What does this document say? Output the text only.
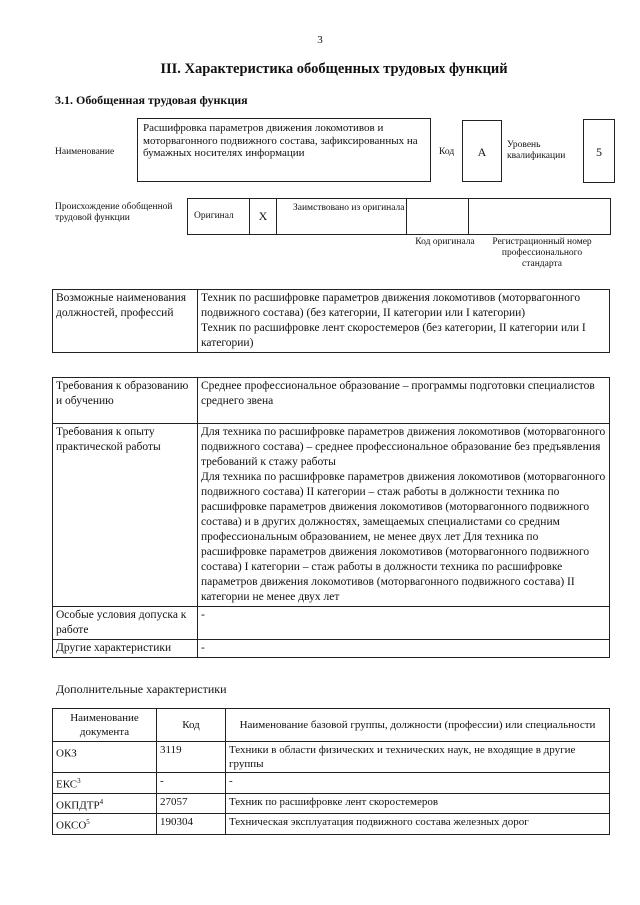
3
III. Характеристика обобщенных трудовых функций
3.1. Обобщенная трудовая функция
Наименование
Расшифровка параметров движения локомотивов и моторвагонного подвижного состава, зафиксированных на бумажных носителях информации	Код	А	Уровень квалификации	5
Происхождение обобщенной трудовой функции	Оригинал	X
Заимствовано из оригинала
Код оригинала	Регистрационный номер профессионального стандарта
Возможные наименования должностей, профессий	Техник по расшифровке параметров движения локомотивов (моторвагонного подвижного состава) (без категории, II категории или I категории)
Техник по расшифровке лент скоростемеров (без категории, II категории или I категории)
Требования к образованию и обучению	Среднее профессиональное образование – программы подготовки специалистов среднего звена
Требования к опыту практической работы	Для техника по расшифровке параметров движения локомотивов (моторвагонного подвижного состава) – среднее профессиональное образование без предъявления требований к стажу работы
Для техника по расшифровке параметров движения локомотивов (моторвагонного подвижного состава) II категории – стаж работы в должности техника по расшифровке параметров движения локомотивов (моторвагонного подвижного состава) и в других должностях, замещаемых специалистами со средним профессиональным образованием, не менее двух лет Для техника по расшифровке параметров движения локомотивов (моторвагонного подвижного состава) I категории – стаж работы в должности техника по расшифровке параметров движения локомотивов (моторвагонного подвижного состава) II категории не менее двух лет
Особые условия допуска к работе	-
Другие характеристики	-
Дополнительные характеристики
Наименование документа	Код	Наименование базовой группы, должности (профессии) или специальности
ОКЗ	3119	Техники в области физических и технических наук, не входящие в другие группы
ЕКС$^3$	-	-
ОКПДТР$^4$	27057	Техник по расшифровке лент скоростемеров
ОКСО$^5$	190304	Техническая эксплуатация подвижного состава железных дорог
